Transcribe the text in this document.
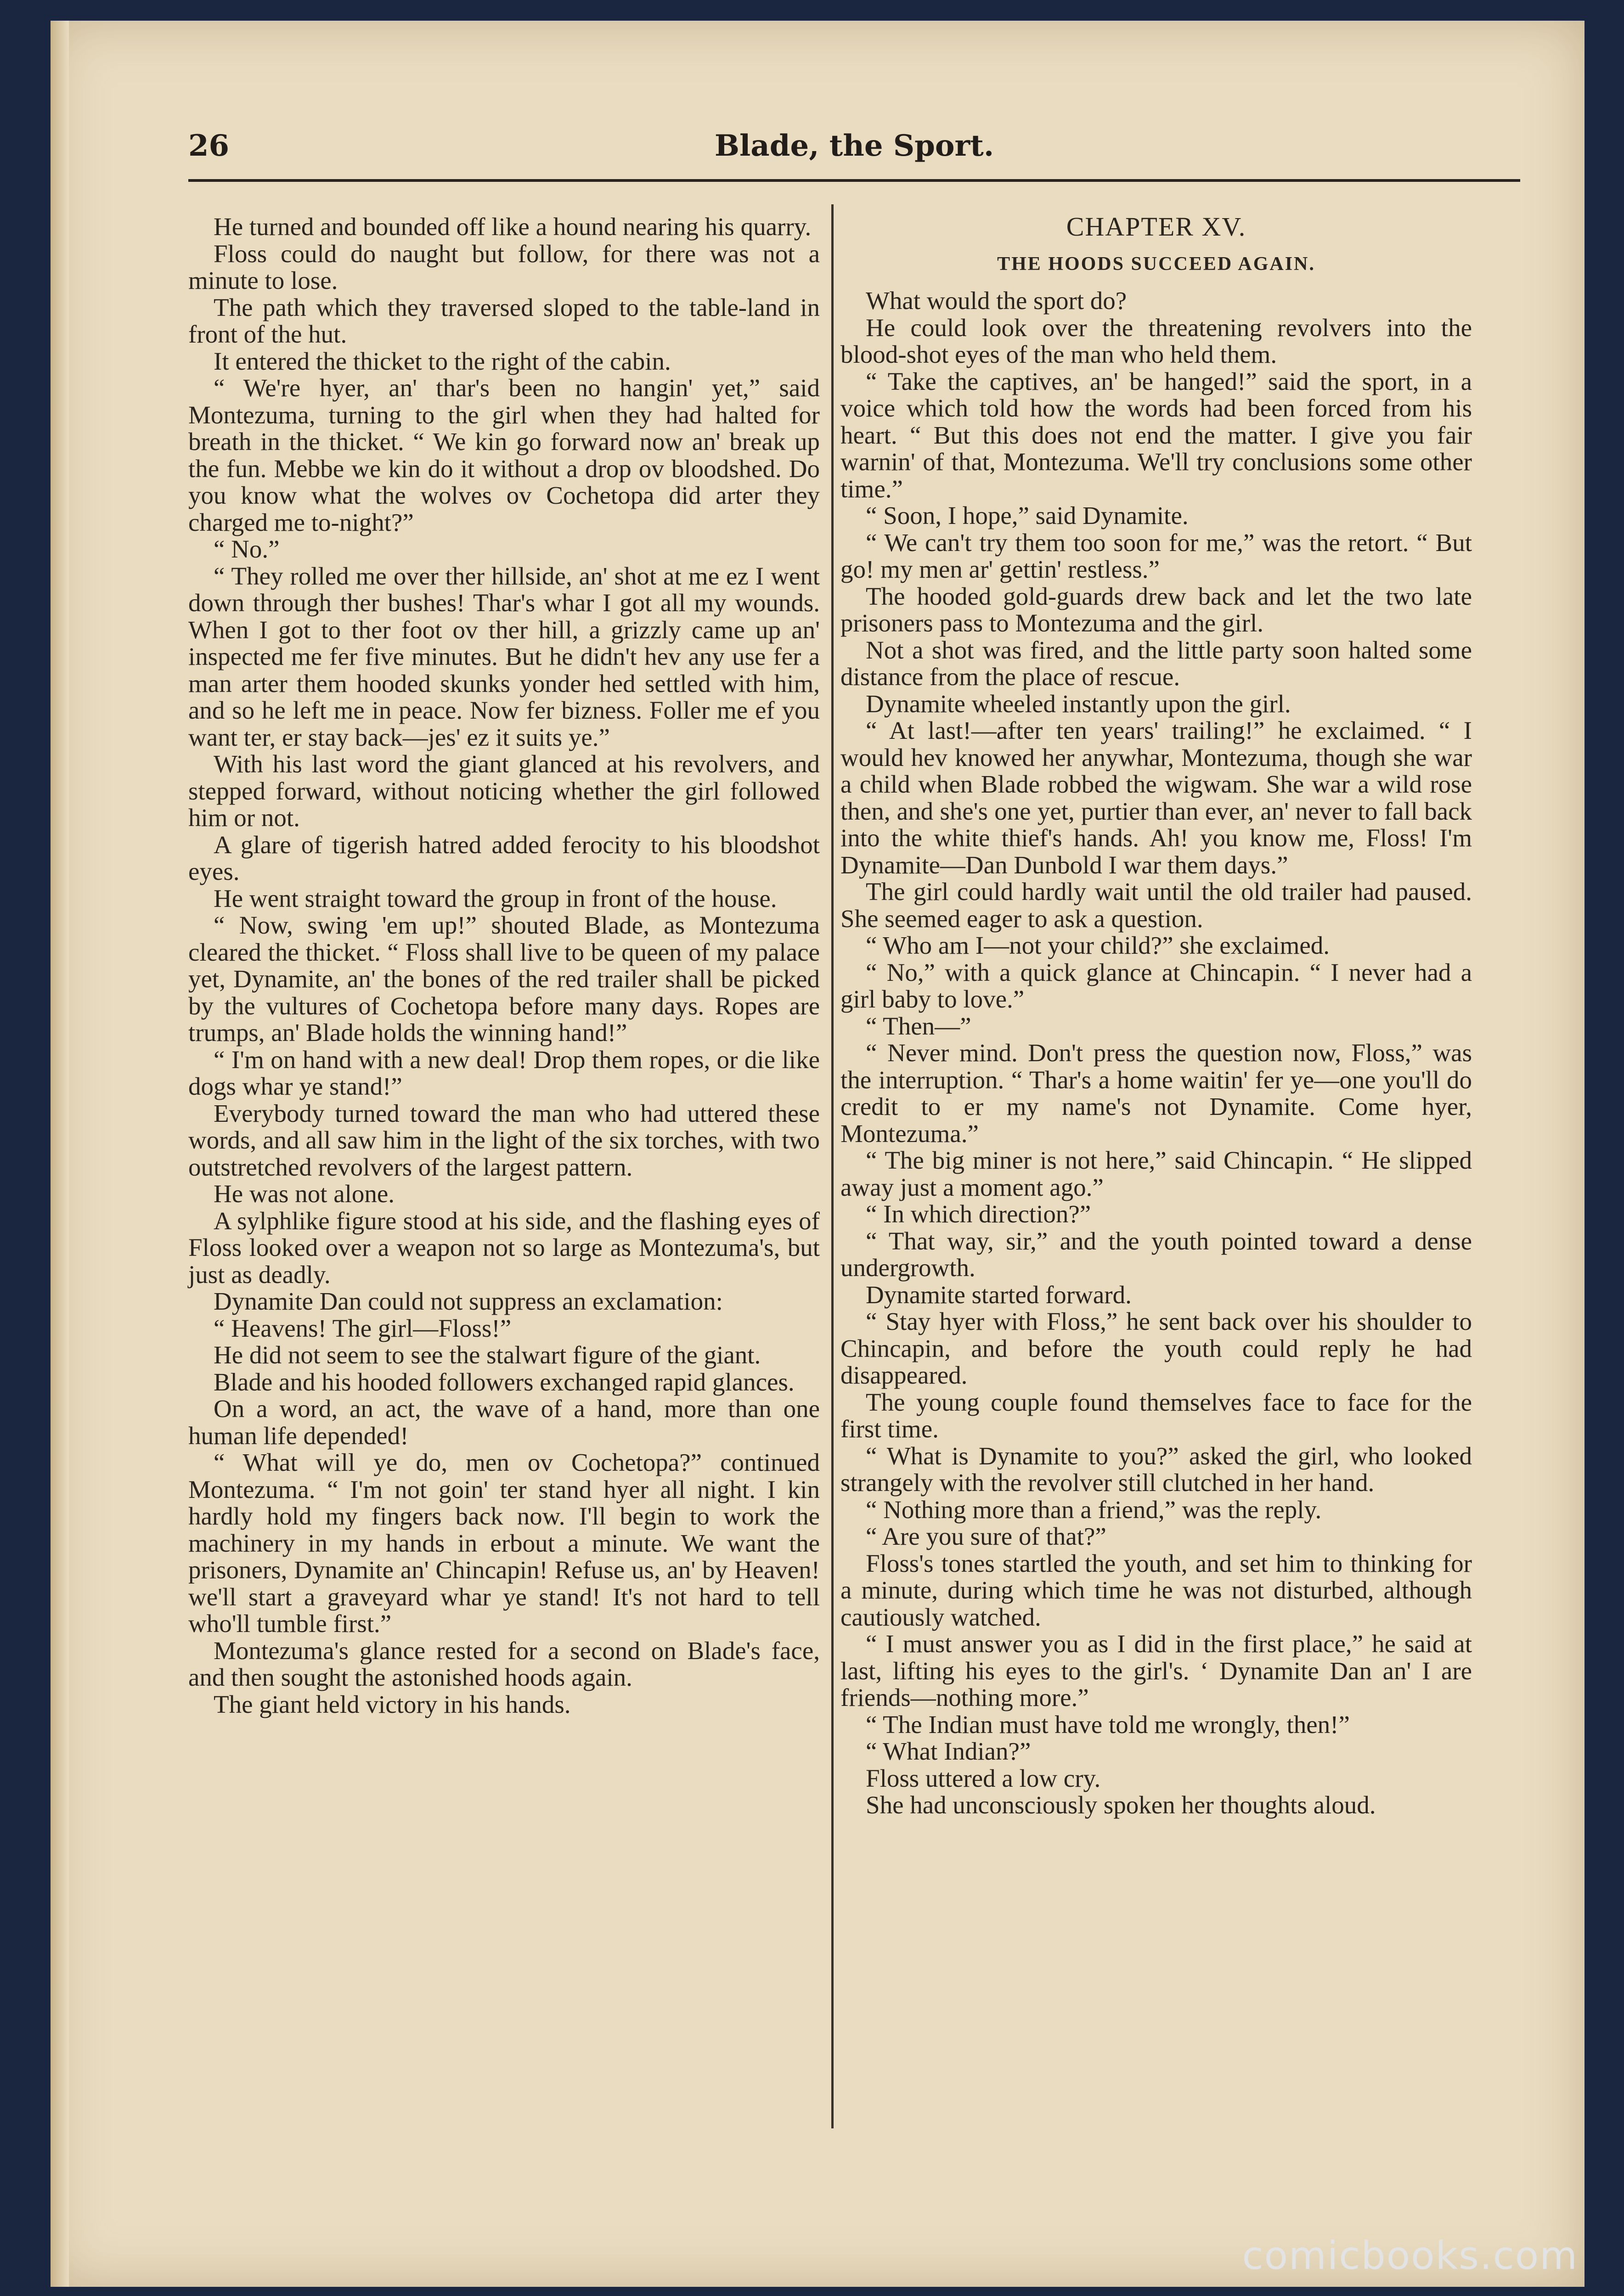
26	Blade, the Sport.

He turned and bounded off like a hound nearing his quarry.

Floss could do naught but follow, for there was not a minute to lose.

The path which they traversed sloped to the table-land in front of the hut.

It entered the thicket to the right of the cabin.

“ We're hyer, an' thar's been no hangin' yet,” said Montezuma, turning to the girl when they had halted for breath in the thicket. “ We kin go forward now an' break up the fun. Mebbe we kin do it without a drop ov bloodshed. Do you know what the wolves ov Cochetopa did arter they charged me to-night?”

“ No.”

“ They rolled me over ther hillside, an' shot at me ez I went down through ther bushes! Thar's whar I got all my wounds. When I got to ther foot ov ther hill, a grizzly came up an' inspected me fer five minutes. But he didn't hev any use fer a man arter them hooded skunks yonder hed settled with him, and so he left me in peace. Now fer bizness. Foller me ef you want ter, er stay back—jes' ez it suits ye.”

With his last word the giant glanced at his revolvers, and stepped forward, without noticing whether the girl followed him or not.

A glare of tigerish hatred added ferocity to his bloodshot eyes.

He went straight toward the group in front of the house.

“ Now, swing 'em up!” shouted Blade, as Montezuma cleared the thicket. “ Floss shall live to be queen of my palace yet, Dynamite, an' the bones of the red trailer shall be picked by the vultures of Cochetopa before many days. Ropes are trumps, an' Blade holds the winning hand!”

“ I'm on hand with a new deal! Drop them ropes, or die like dogs whar ye stand!”

Everybody turned toward the man who had uttered these words, and all saw him in the light of the six torches, with two outstretched revolvers of the largest pattern.

He was not alone.

A sylphlike figure stood at his side, and the flashing eyes of Floss looked over a weapon not so large as Montezuma's, but just as deadly.

Dynamite Dan could not suppress an exclamation:

“ Heavens! The girl—Floss!”

He did not seem to see the stalwart figure of the giant.

Blade and his hooded followers exchanged rapid glances.

On a word, an act, the wave of a hand, more than one human life depended!

“ What will ye do, men ov Cochetopa?” continued Montezuma. “ I'm not goin' ter stand hyer all night. I kin hardly hold my fingers back now. I'll begin to work the machinery in my hands in erbout a minute. We want the prisoners, Dynamite an' Chincapin! Refuse us, an' by Heaven! we'll start a graveyard whar ye stand! It's not hard to tell who'll tumble first.”

Montezuma's glance rested for a second on Blade's face, and then sought the astonished hoods again.

The giant held victory in his hands.

CHAPTER XV.
THE HOODS SUCCEED AGAIN.

What would the sport do?

He could look over the threatening revolvers into the blood-shot eyes of the man who held them.

“ Take the captives, an' be hanged!” said the sport, in a voice which told how the words had been forced from his heart. “ But this does not end the matter. I give you fair warnin' of that, Montezuma. We'll try conclusions some other time.”

“ Soon, I hope,” said Dynamite.

“ We can't try them too soon for me,” was the retort. “ But go! my men ar' gettin' restless.”

The hooded gold-guards drew back and let the two late prisoners pass to Montezuma and the girl.

Not a shot was fired, and the little party soon halted some distance from the place of rescue.

Dynamite wheeled instantly upon the girl.

“ At last!—after ten years' trailing!” he exclaimed. “ I would hev knowed her anywhar, Montezuma, though she war a child when Blade robbed the wigwam. She war a wild rose then, and she's one yet, purtier than ever, an' never to fall back into the white thief's hands. Ah! you know me, Floss! I'm Dynamite—Dan Dunbold I war them days.”

The girl could hardly wait until the old trailer had paused. She seemed eager to ask a question.

“ Who am I—not your child?” she exclaimed.

“ No,” with a quick glance at Chincapin. “ I never had a girl baby to love.”

“ Then—”

“ Never mind. Don't press the question now, Floss,” was the interruption. “ Thar's a home waitin' fer ye—one you'll do credit to er my name's not Dynamite. Come hyer, Montezuma.”

“ The big miner is not here,” said Chincapin. “ He slipped away just a moment ago.”

“ In which direction?”

“ That way, sir,” and the youth pointed toward a dense undergrowth.

Dynamite started forward.

“ Stay hyer with Floss,” he sent back over his shoulder to Chincapin, and before the youth could reply he had disappeared.

The young couple found themselves face to face for the first time.

“ What is Dynamite to you?” asked the girl, who looked strangely with the revolver still clutched in her hand.

“ Nothing more than a friend,” was the reply.

“ Are you sure of that?”

Floss's tones startled the youth, and set him to thinking for a minute, during which time he was not disturbed, although cautiously watched.

“ I must answer you as I did in the first place,” he said at last, lifting his eyes to the girl's. ‘ Dynamite Dan an' I are friends—nothing more.”

“ The Indian must have told me wrongly, then!”

“ What Indian?”

Floss uttered a low cry.

She had unconsciously spoken her thoughts aloud.

comicbooks.com
